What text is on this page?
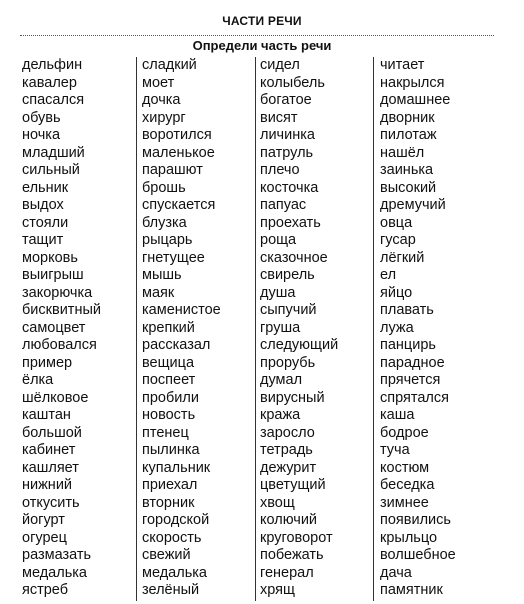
ЧАСТИ РЕЧИ
Определи часть речи
дельфин
кавалер
спасался
обувь
ночка
младший
сильный
ельник
выдох
стояли
тащит
морковь
выигрыш
закорючка
бисквитный
самоцвет
любовался
пример
ёлка
шёлковое
каштан
большой
кабинет
кашляет
нижний
откусить
йогурт
огурец
размазать
медалька
ястреб
сладкий
моет
дочка
хирург
воротился
маленькое
парашют
брошь
спускается
блузка
рыцарь
гнетущее
мышь
маяк
каменистое
крепкий
рассказал
вещица
поспеет
пробили
новость
птенец
пылинка
купальник
приехал
вторник
городской
скорость
свежий
медалька
зелёный
сидел
колыбель
богатое
висят
личинка
патруль
плечо
косточка
папуас
проехать
роща
сказочное
свирель
душа
сыпучий
груша
следующий
прорубь
думал
вирусный
кража
заросло
тетрадь
дежурит
цветущий
хвощ
колючий
круговорот
побежать
генерал
хрящ
читает
накрылся
домашнее
дворник
пилотаж
нашёл
заинька
высокий
дремучий
овца
гусар
лёгкий
ел
яйцо
плавать
лужа
панцирь
парадное
прячется
спрятался
каша
бодрое
туча
костюм
беседка
зимнее
появились
крыльцо
волшебное
дача
памятник
